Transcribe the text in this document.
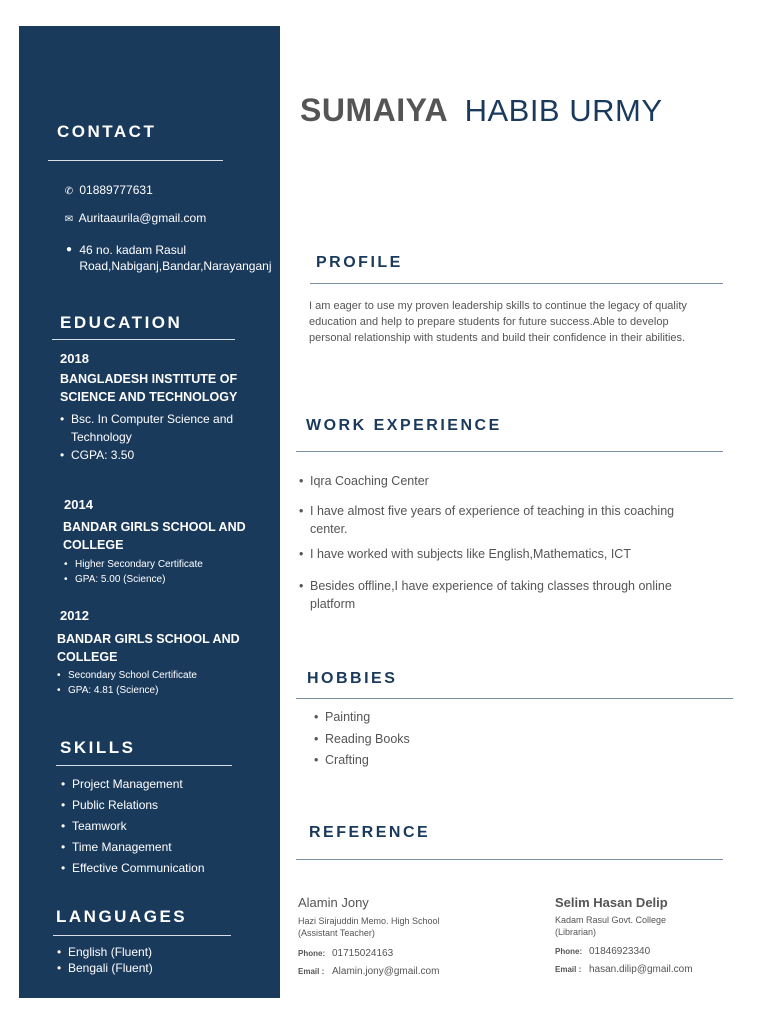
CONTACT
✆ 01889777631
✉ Auritaaurila@gmail.com
● 46 no. kadam Rasul
Road,Nabiganj,Bandar,Narayanganj
EDUCATION
2018
BANGLADESH INSTITUTE OF
SCIENCE AND TECHNOLOGY
• Bsc. In Computer Science and
Technology
• CGPA: 3.50
2014
BANDAR GIRLS SCHOOL AND
COLLEGE
• Higher Secondary Certificate
• GPA: 5.00 (Science)
2012
BANDAR GIRLS SCHOOL AND
COLLEGE
• Secondary School Certificate
• GPA: 4.81 (Science)
SKILLS
• Project Management
• Public Relations
• Teamwork
• Time Management
• Effective Communication
LANGUAGES
• English (Fluent)
• Bengali (Fluent)
SUMAIYA HABIB URMY
PROFILE
I am eager to use my proven leadership skills to continue the legacy of quality
education and help to prepare students for future success.Able to develop
personal relationship with students and build their confidence in their abilities.
WORK EXPERIENCE
• Iqra Coaching Center
• I have almost five years of experience of teaching in this coaching
center.
• I have worked with subjects like English,Mathematics, ICT
• Besides offline,I have experience of taking classes through online
platform
HOBBIES
• Painting
• Reading Books
• Crafting
REFERENCE
Alamin Jony
Hazi Sirajuddin Memo. High School
(Assistant Teacher)
Phone: 01715024163
Email : Alamin.jony@gmail.com
Selim Hasan Delip
Kadam Rasul Govt. College
(Librarian)
Phone: 01846923340
Email : hasan.dilip@gmail.com
